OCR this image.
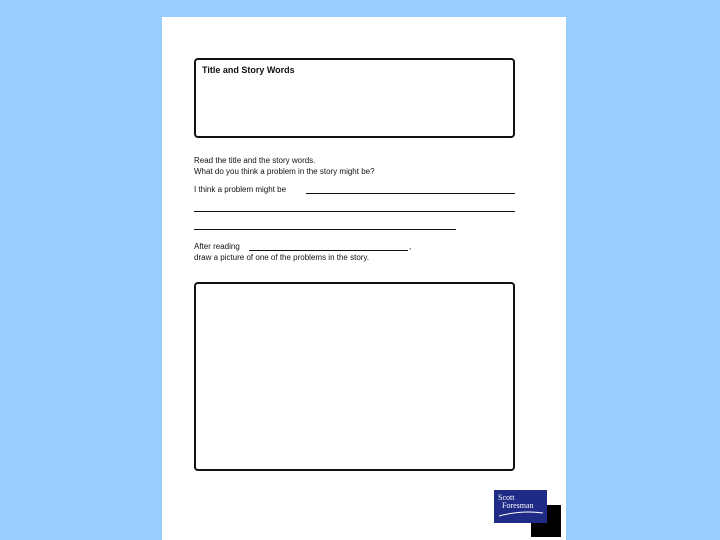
Title and Story Words
Read the title and the story words.
What do you think a problem in the story might be?
I think a problem might be
After reading	,
draw a picture of one of the problems in the story.
Scott
Foresman
